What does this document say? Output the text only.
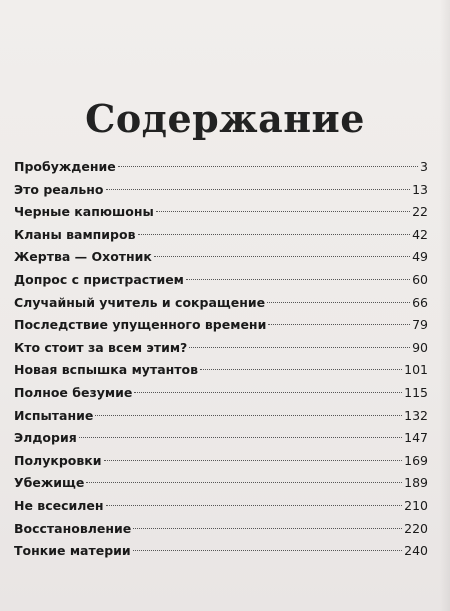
Содержание
Пробуждение	3
Это реально	13
Черные капюшоны	22
Кланы вампиров	42
Жертва — Охотник	49
Допрос с пристрастием	60
Случайный учитель и сокращение	66
Последствие упущенного времени	79
Кто стоит за всем этим?	90
Новая вспышка мутантов	101
Полное безумие	115
Испытание	132
Элдория	147
Полукровки	169
Убежище	189
Не всесилен	210
Восстановление	220
Тонкие материи	240
